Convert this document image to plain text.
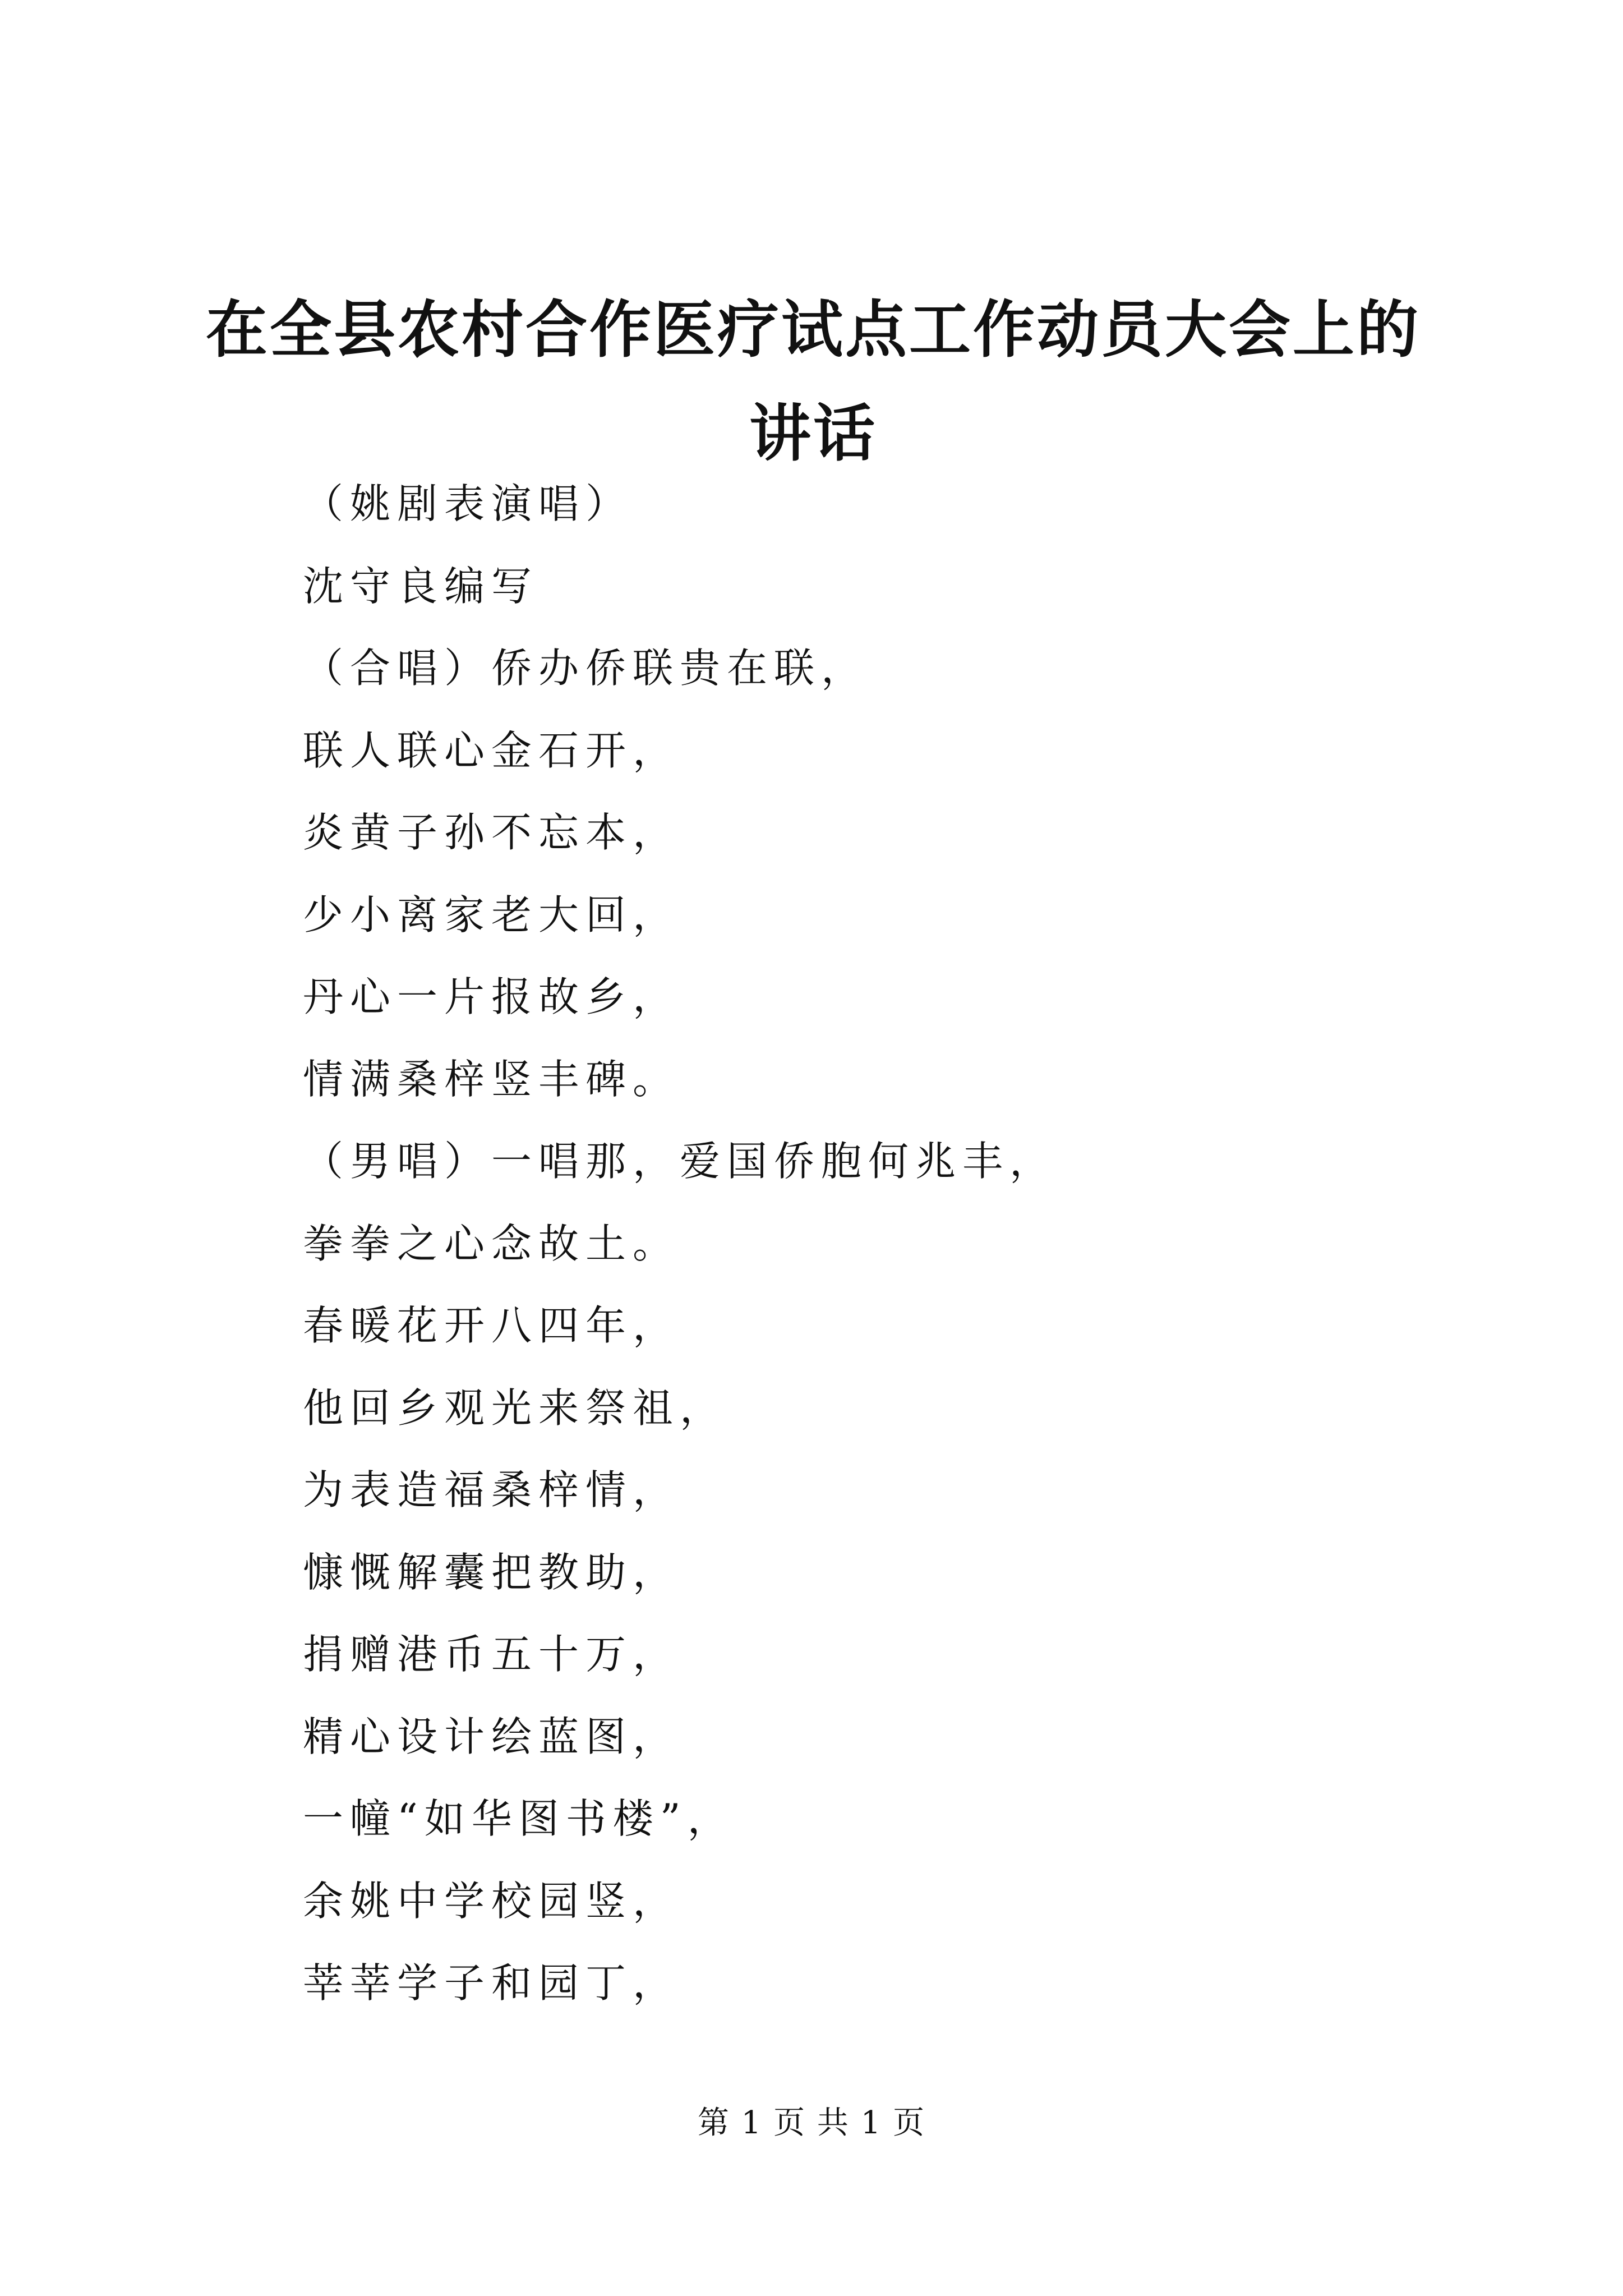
在全县农村合作医疗试点工作动员大会上的讲话
（姚剧表演唱）
沈守良编写
（合唱）侨办侨联贵在联，
联人联心金石开，
炎黄子孙不忘本，
少小离家老大回，
丹心一片报故乡，
情满桑梓竖丰碑。
（男唱）一唱那，爱国侨胞何兆丰，
拳拳之心念故土。
春暖花开八四年，
他回乡观光来祭祖，
为表造福桑梓情，
慷慨解囊把教助，
捐赠港币五十万，
精心设计绘蓝图，
一幢“如华图书楼”，
余姚中学校园竖，
莘莘学子和园丁，
第 1 页 共 1 页
